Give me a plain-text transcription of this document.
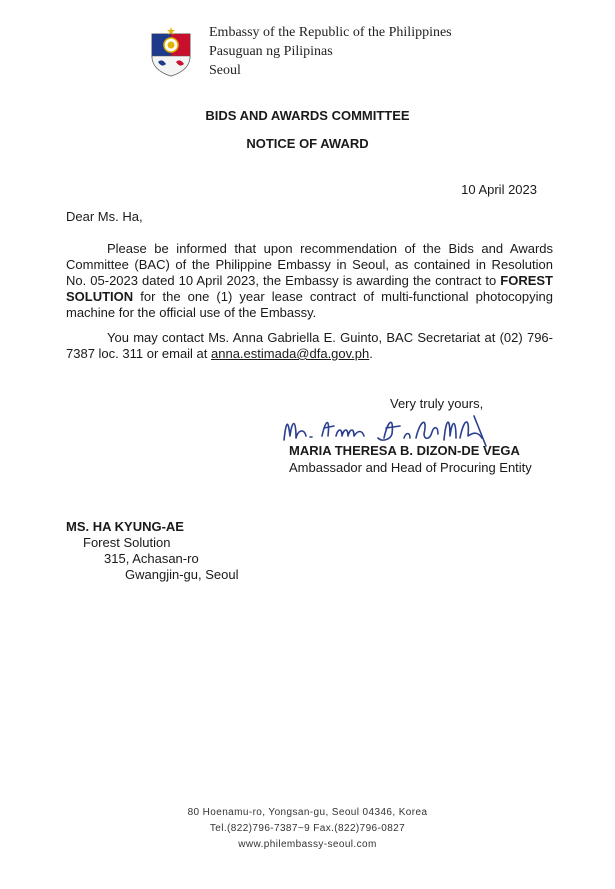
Embassy of the Republic of the Philippines
Pasuguan ng Pilipinas
Seoul
BIDS AND AWARDS COMMITTEE
NOTICE OF AWARD
10 April 2023
Dear Ms. Ha,

Please be informed that upon recommendation of the Bids and Awards Committee (BAC) of the Philippine Embassy in Seoul, as contained in Resolution No. 05-2023 dated 10 April 2023, the Embassy is awarding the contract to FOREST SOLUTION for the one (1) year lease contract of multi-functional photocopying machine for the official use of the Embassy.

You may contact Ms. Anna Gabriella E. Guinto, BAC Secretariat at (02) 796-7387 loc. 311 or email at anna.estimada@dfa.gov.ph.

Very truly yours,
MARIA THERESA B. DIZON-DE VEGA
Ambassador and Head of Procuring Entity
MS. HA KYUNG-AE
Forest Solution
315, Achasan-ro
Gwangjin-gu, Seoul
80 Hoenamu-ro, Yongsan-gu, Seoul 04346, Korea
Tel.(822)796-7387~9 Fax.(822)796-0827
www.philembassy-seoul.com
